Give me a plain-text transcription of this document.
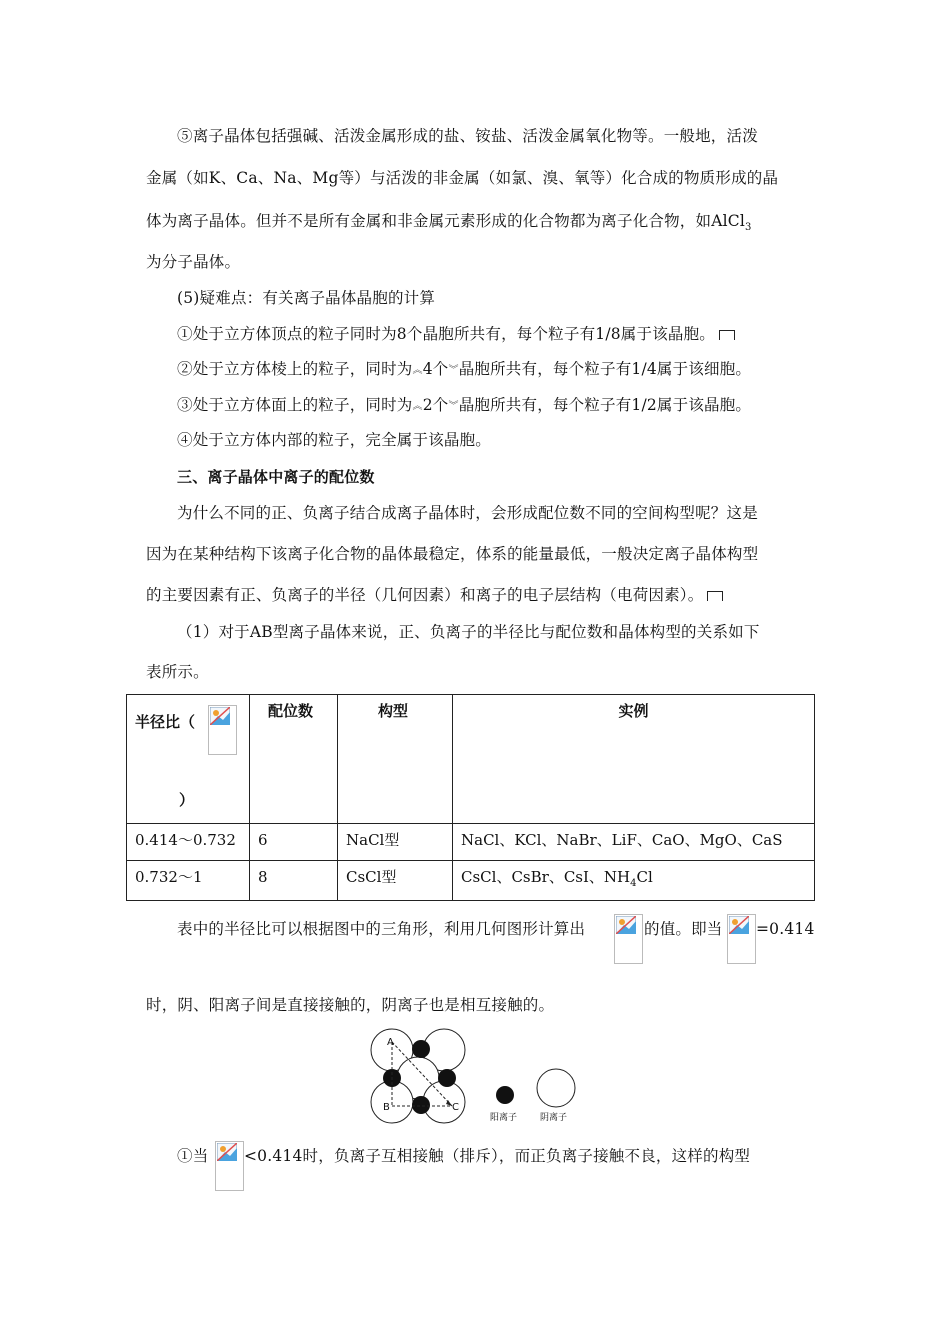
⑤离子晶体包括强碱、活泼金属形成的盐、铵盐、活泼金属氧化物等。一般地，活泼
金属（如K、Ca、Na、Mg等）与活泼的非金属（如氯、溴、氧等）化合成的物质形成的晶
体为离子晶体。但并不是所有金属和非金属元素形成的化合物都为离子化合物，如AlCl$_3$
为分子晶体。
(5)疑难点：有关离子晶体晶胞的计算
①处于立方体顶点的粒子同时为8个晶胞所共有，每个粒子有1/8属于该晶胞。
②处于立方体棱上的粒子，同时为︽4个︾晶胞所共有，每个粒子有1/4属于该细胞。
③处于立方体面上的粒子，同时为︽2个︾晶胞所共有，每个粒子有1/2属于该晶胞。
④处于立方体内部的粒子，完全属于该晶胞。
三、离子晶体中离子的配位数
为什么不同的正、负离子结合成离子晶体时，会形成配位数不同的空间构型呢？这是
因为在某种结构下该离子化合物的晶体最稳定，体系的能量最低，一般决定离子晶体构型
的主要因素有正、负离子的半径（几何因素）和离子的电子层结构（电荷因素）。
（1）对于AB型离子晶体来说，正、负离子的半径比与配位数和晶体构型的关系如下
表所示。
半径比（
）	配位数	构型	实例

0.414～0.732	6	NaCl型	NaCl、KCl、NaBr、LiF、CaO、MgO、CaS

0.732～1	8	CsCl型	CsCl、CsBr、CsI、$NH_4Cl$
表中的半径比可以根据图中的三角形，利用几何图形计算出	的值。即当 =0.414
时，阴、阳离子间是直接接触的，阴离子也是相互接触的。
A
B	C
阳离子	阴离子
①当 <0.414时，负离子互相接触（排斥），而正负离子接触不良，这样的构型
